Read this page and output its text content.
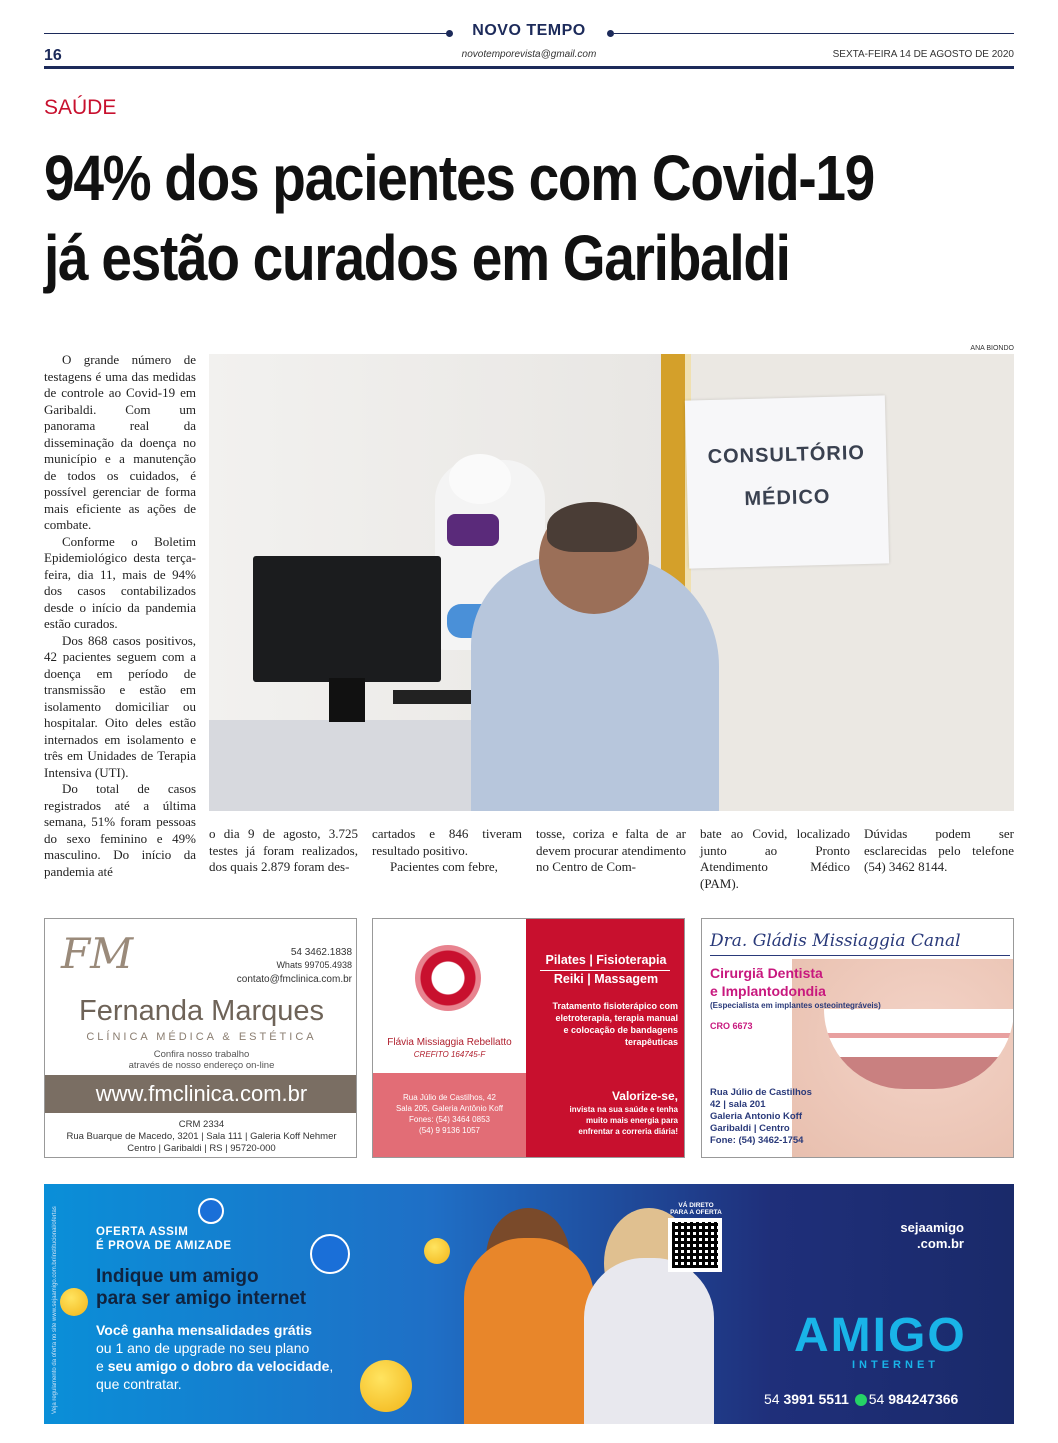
NOVO TEMPO
16	novotemporevista@gmail.com	SEXTA-FEIRA 14 DE AGOSTO DE 2020
SAÚDE
94% dos pacientes com Covid-19
já estão curados em Garibaldi
ANA BIONDO
CONSULTÓRIO
MÉDICO

O grande número de testagens é uma das medidas de controle ao Covid-19 em Garibaldi. Com um panorama real da disseminação da doença no município e a manutenção de todos os cuidados, é possível gerenciar de forma mais eficiente as ações de combate.

Conforme o Boletim Epidemiológico desta terça-feira, dia 11, mais de 94% dos casos contabilizados desde o início da pandemia estão curados.

Dos 868 casos positivos, 42 pacientes seguem com a doença em período de transmissão e estão em isolamento domiciliar ou hospitalar. Oito deles estão internados em isolamento e três em Unidades de Terapia Intensiva (UTI).

Do total de casos registrados até a última semana, 51% foram pessoas do sexo feminino e 49% masculino. Do início da pandemia até

o dia 9 de agosto, 3.725 testes já foram realizados, dos quais 2.879 foram des-

cartados e 846 tiveram resultado positivo.

Pacientes com febre,

tosse, coriza e falta de ar devem procurar atendimento no Centro de Com-

bate ao Covid, localizado junto ao Pronto Atendimento Médico (PAM).

Dúvidas podem ser esclarecidas pelo telefone (54) 3462 8144.

FM	54 3462.1838
Whats 99705.4938
contato@fmclinica.com.br
Fernanda Marques
CLÍNICA MÉDICA & ESTÉTICA
Confira nosso trabalho
através de nosso endereço on-line
www.fmclinica.com.br
CRM 2334
Rua Buarque de Macedo, 3201 | Sala 111 | Galeria Koff Nehmer
Centro | Garibaldi | RS | 95720-000
Flávia Missiaggia Rebellatto
CREFITO 164745-F
Rua Júlio de Castilhos, 42
Sala 205, Galeria Antônio Koff
Fones: (54) 3464 0853
(54) 9 9136 1057
Pilates | Fisioterapia
Reiki | Massagem
Tratamento fisioterápico com
eletroterapia, terapia manual
e colocação de bandagens
terapêuticas
Valorize-se,
invista na sua saúde e tenha
muito mais energia para
enfrentar a correria diária!
Dra. Gládis Missiaggia Canal
Cirurgiã Dentista
e Implantodondia
(Especialista em implantes osteointegráveis)
CRO 6673
Rua Júlio de Castilhos
42 | sala 201
Galeria Antonio Koff
Garibaldi | Centro
Fone: (54) 3462-1754
Veja regulamento da oferta no site www.sejaamigo.com.br/institucional/ofertas	OFERTA ASSIM
É PROVA DE AMIZADE
Indique um amigo
para ser amigo internet
Você ganha mensalidades grátis
ou 1 ano de upgrade no seu plano
e seu amigo o dobro da velocidade,
que contratar.
VÁ DIRETO
PARA A OFERTA
sejaamigo
.com.br
AMIGO
INTERNET
54 3991 5511 54 984247366
